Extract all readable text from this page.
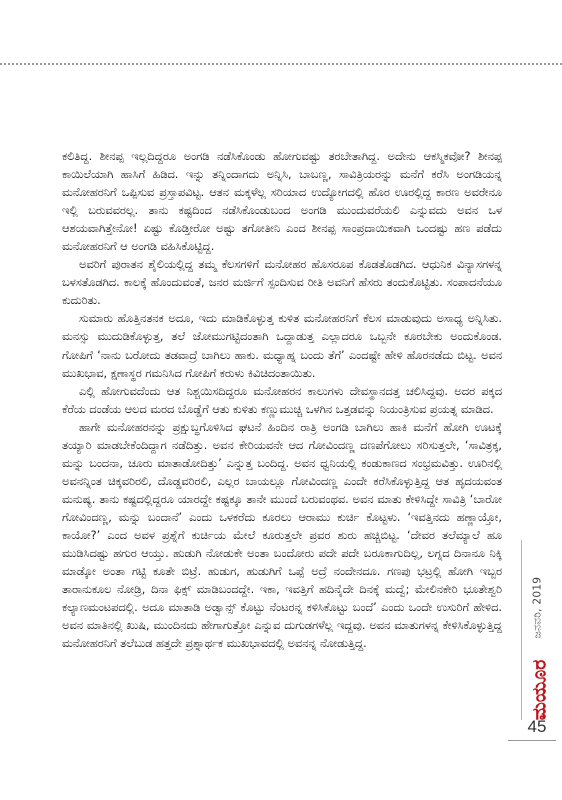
ಕಲಿತಿದ್ದ. ಶೀನಪ್ಪ ಇಲ್ಲದಿದ್ದರೂ ಅಂಗಡಿ ನಡೆಸಿಕೊಂಡು ಹೋಗುವಷ್ಟು ತರಬೇತಾಗಿದ್ದ. ಅದೇನು ಆಕಸ್ಮಿಕವೋ? ಶೀನಪ್ಪ ಕಾಯಿಲೆಯಾಗಿ ಹಾಸಿಗೆ ಹಿಡಿದ. ಇನ್ನು ತನ್ನಿಂದಾಗದು ಅನ್ನಿಸಿ, ಬಾಬಣ್ಣ, ಸಾವಿತ್ರಿಯರನ್ನು ಮನೆಗೆ ಕರೆಸಿ ಅಂಗಡಿಯನ್ನ ಮನೋಹರನಿಗೆ ಒಪ್ಪಿಸುವ ಪ್ರಸ್ತಾಪವಿಟ್ಟ. ಆತನ ಮಕ್ಕಳೆಲ್ಲ ಸರಿಯಾದ ಉದ್ಯೋಗದಲ್ಲಿ ಹೊರ ಊರಲ್ಲಿದ್ದ ಕಾರಣ ಅವರೇನೂ ಇಲ್ಲಿ ಬರುವವರಲ್ಲ. ತಾನು ಕಷ್ಟದಿಂದ ನಡೆಸಿಕೊಂಡುಬಂದ ಅಂಗಡಿ ಮುಂದುವರೆಯಲಿ ಎನ್ನುವದು ಅವನ ಒಳ ಆಶಯವಾಗಿತ್ತೇನೋ! ಏಷ್ಟು ಕೊಡ್ತೀರೋ ಅಷ್ಟು ತಗೋತೀನಿ ಎಂದ ಶೀನಪ್ಪ ಸಾಂಪ್ರದಾಯಿಕವಾಗಿ ಒಂದಷ್ಟು ಹಣ ಪಡೆದು ಮನೋಹರನಿಗೆ ಆ ಅಂಗಡಿ ವಹಿಸಿಕೊಟ್ಟಿದ್ದ.

ಅವರಿಗೆ ಪುರಾತನ ಶೈಲಿಯಲ್ಲಿದ್ದ ತಮ್ಮ ಕೆಲಸಗಳಿಗೆ ಮನೋಹರ ಹೊಸರೂಪ ಕೊಡತೊಡಗಿದ. ಆಧುನಿಕ ವಿನ್ಯಾಸಗಳನ್ನ ಬಳಸತೊಡಗಿದ. ಕಾಲಕ್ಕೆ ಹೊಂದುವಂತೆ, ಜನರ ಮರ್ಜಿಗೆ ಸ್ಪಂದಿಸುವ ರೀತಿ ಅವನಿಗೆ ಹೆಸರು ತಂದುಕೊಟ್ಟಿತು. ಸಂಪಾದನೆಯೂ ಕುದುರಿತು.

ಸುಮಾರು ಹೊತ್ತಿನತನಕ ಅದೂ, ಇದು ಮಾಡಿಕೊಳ್ಳುತ್ತ ಕುಳಿತ ಮನೋಹರನಿಗೆ ಕೆಲಸ ಮಾಡುವುದು ಅಸಾಧ್ಯ ಅನ್ನಿಸಿತು. ಮನಸ್ಸು ಮುದುಡಿಕೊಳ್ಳುತ್ತ, ತಲೆ ಜೋಮುಗಟ್ಟಿದಂತಾಗಿ ಒದ್ದಾಡುತ್ತ ಎಲ್ಲಾದರೂ ಒಬ್ಬನೇ ಕೂರಬೇಕು ಅಂದುಕೊಂಡ. ಗೋಪಿಗೆ ‘ನಾನು ಬರೋದು ತಡವಾದ್ರೆ ಬಾಗಿಲು ಹಾಕು. ಮಧ್ಯಾಹ್ನ ಬಂದು ತೆಗೆ’ ಎಂದಷ್ಟೇ ಹೇಳಿ ಹೊರನಡೆದು ಬಿಟ್ಟ. ಅವನ ಮುಖಭಾವ, ಕ್ಷಣಾಸ್ಥರ ಗಮನಿಸಿದ ಗೋಪಿಗೆ ಕರುಳು ಕಿವಿಚಿದಂತಾಯಿತು.

ಎಲ್ಲಿ ಹೋಗುವದೆಂದು ಆತ ನಿಶ್ಚಯಿಸದಿದ್ದರೂ ಮನೋಹರನ ಕಾಲುಗಳು ದೇವಸ್ಥಾನದತ್ತ ಚಲಿಸಿದ್ದವು. ಅದರ ಪಕ್ಕದ ಕೆರೆಯ ದಂಡೆಯ ಆಲದ ಮರದ ಬೊಡ್ಡೆಗೆ ಆತು ಕುಳಿತು ಕಣ್ಣುಮುಚ್ಚಿ ಒಳಗಿನ ಒತ್ತಡವನ್ನು ನಿಯಂತ್ರಿಸುವ ಪ್ರಯತ್ನ ಮಾಡಿದ.

ಹಾಗೇ ಮನೋಹರನನ್ನು ಪ್ರಕ್ಷುಬ್ಧಗೊಳಿಸಿದ ಘಟನೆ ಹಿಂದಿನ ರಾತ್ರಿ ಅಂಗಡಿ ಬಾಗಿಲು ಹಾಕಿ ಮನೆಗೆ ಹೋಗಿ ಊಟಕ್ಕೆ ತಯ್ಯಾರಿ ಮಾಡಬೇಕೆಂದಿದ್ದಾಗ ನಡೆದಿತ್ತು. ಅವನ ಕೇರಿಯವನೇ ಆದ ಗೋವಿಂದಣ್ಣ ದಣಪೆಗೋಲು ಸರಿಸುತ್ತಲೇ, ‘ಸಾವಿತ್ರಕ್ಕ, ಮನ್ನು ಬಂದನಾ, ಚೂರು ಮಾತಾಡೋದಿತ್ತು’ ಎನ್ನುತ್ತ ಬಂದಿದ್ದ. ಅವನ ಧ್ವನಿಯಲ್ಲಿ ಕಂಡುಕಾಣದ ಸಂಭ್ರಮವಿತ್ತು. ಊರಿನಲ್ಲಿ ಅವನನ್ನಿಂತ ಚಿಕ್ಕವರಿರಲಿ, ದೊಡ್ಡವರಿರಲಿ, ಎಲ್ಲರ ಬಾಯಲ್ಲೂ ಗೋವಿಂದಣ್ಣ ಎಂದೇ ಕರೆಸಿಕೊಳ್ಳುತ್ತಿದ್ದ ಆತ ಹೃದಯವಂತ ಮನುಷ್ಯ. ತಾನು ಕಷ್ಟದಲ್ಲಿದ್ದರೂ ಯಾರದ್ದೇ ಕಷ್ಟಕ್ಕೂ ತಾನೇ ಮುಂದೆ ಬರುವಂಥವ. ಅವನ ಮಾತು ಕೇಳಿಸಿದ್ದೇ ಸಾವಿತ್ರಿ ‘ಬಾರೋ ಗೋವಿಂದಣ್ಣ, ಮನ್ನು ಬಂದಾನೆ’ ಎಂದು ಒಳಕರೆದು ಕೂರಲು ಆರಾಮು ಕುರ್ಚಿ ಕೊಟ್ಟಳು. ‘ಇವತ್ತಿನದು ಹಣ್ಣಾಯ್ತೋ, ಕಾಯೋ?’ ಎಂದ ಅವಳ ಪ್ರಶ್ನೆಗೆ ಕುರ್ಚಿಯ ಮೇಲೆ ಕೂರುತ್ತಲೇ ಪ್ರವರ ಶುರು ಹಚ್ಚಿಬಿಟ್ಟ. ‘ದೇವರ ತಲೆಮ್ಯಾಲೆ ಹೂ ಮುಡಿಸಿದಷ್ಟು ಹಗುರ ಆಯ್ತು. ಹುಡುಗಿ ನೋಡುಕೇ ಅಂತಾ ಬಂದೋರು ಪದೇ ಪದೇ ಬರೂಕಾಗುದಿಲ್ಲ, ಲಗ್ನದ ದಿನಾನೂ ನಿಕ್ಕಿ ಮಾಡ್ಕೋ ಅಂತಾ ಗಟ್ಟಿ ಕೂತೇ ಬಿಟ್ರೆ. ಹುಡುಗ, ಹುಡುಗಿಗೆ ಒಪ್ಪೆ ಅದ್ರೆ ನಂದೇನದೂ. ಗಣಪು ಭಟ್ರಲ್ಲಿ ಹೋಗಿ ಇಬ್ಬರ ತಾರಾನುಕೂಲ ನೋಡ್ರಿ, ದಿನಾ ಫಿಕ್ಸ್ ಮಾಡಿಬಂದದ್ದೇ. ಇಕಾ, ಇವತ್ತಿಗೆ ಹದಿನೈದೇ ದಿನಕ್ಕೆ ಮದ್ವೆ; ಮೇಲಿನಕೇರಿ ಭೂತೇಶ್ವರಿ ಕಲ್ಯಾಣಮಂಟಪದಲ್ಲಿ. ಅದೂ ಮಾತಾಡಿ ಅಡ್ವಾನ್ಸ್ ಕೊಟ್ಟು ನೆಂಟರನ್ನ ಕಳಿಸಿಕೊಟ್ಟು ಬಂದೆ’ ಎಂದು ಒಂದೇ ಉಸುರಿಗೆ ಹೇಳಿದ. ಅವನ ಮಾತಿನಲ್ಲಿ ಖುಷಿ, ಮುಂದಿನದು ಹೇಗಾಗುತ್ತೋ ಎನ್ನುವ ದುಗುಡಗಳೆಲ್ಲ ಇದ್ದವು. ಅವನ ಮಾತುಗಳನ್ನ ಕೇಳಿಸಿಕೊಳ್ಳುತ್ತಿದ್ದ ಮನೋಹರನಿಗೆ ತಲೆಬುಡ ಹತ್ತದೇ ಪ್ರಶ್ನಾರ್ಥಕ ಮುಖಭಾವದಲ್ಲಿ ಅವನನ್ನ ನೋಡುತ್ತಿದ್ದ.

ಜನವರಿ, 2019
ಮಯೂರ
45
